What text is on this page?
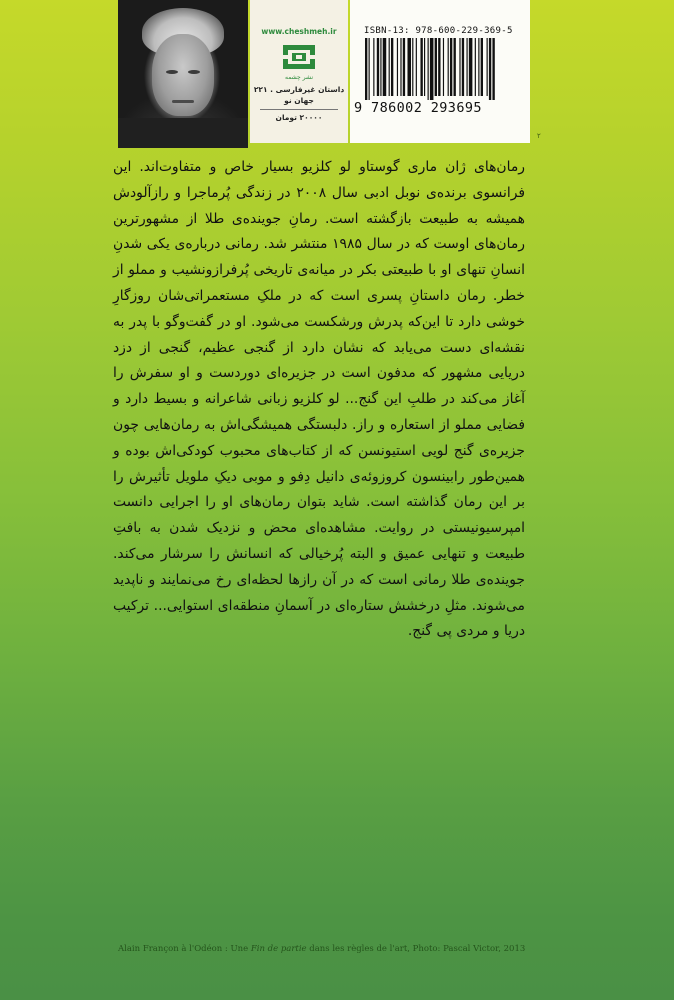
www.cheshmeh.ir
نشر چشمه
داستان غیرفارسی . ۲۲۱
جهان نو
۲۰۰۰۰ تومان
ISBN-13: 978-600-229-369-5
9 786002 293695
۲

رمان‌های ژان ماری گوستاو لو کلزیو بسیار خاص و متفاوت‌اند. این فرانسوی برنده‌ی نوبل ادبی سال ۲۰۰۸ در زندگی پُرماجرا و رازآلودش همیشه به طبیعت بازگشته است. رمانِ جوینده‌ی طلا از مشهورترین رمان‌های اوست که در سال ۱۹۸۵ منتشر شد. رمانی درباره‌ی یکی شدنِ انسانِ تنهای او با طبیعتی بکر در میانه‌ی تاریخی پُرفرازونشیب و مملو از خطر. رمان داستانِ پسری است که در ملکِ مستعمراتی‌شان روزگارِ خوشی دارد تا این‌که پدرش ورشکست می‌شود. او در گفت‌وگو با پدر به نقشه‌ای دست می‌یابد که نشان دارد از گنجی عظیم، گنجی از دزد دریایی مشهور که مدفون است در جزیره‌ای دوردست و او سفرش را آغاز می‌کند در طلبِ این گنج... لو کلزیو زبانی شاعرانه و بسیط دارد و فضایی مملو از استعاره و راز. دلبستگی همیشگی‌اش به رمان‌هایی چون جزیره‌ی گنج لویی استیونسن که از کتاب‌های محبوب کودکی‌اش بوده و همین‌طور رابینسون کروزوئه‌ی دانیل دِفو و موبی دیکِ ملویل تأثیرش را بر این رمان گذاشته است. شاید بتوان رمان‌های او را اجرایی دانست امپرسیونیستی در روایت. مشاهده‌ای محض و نزدیک شدن به بافتِ طبیعت و تنهایی عمیق و البته پُرخیالی که انسانش را سرشار می‌کند. جوینده‌ی طلا رمانی است که در آن رازها لحظه‌ای رخ می‌نمایند و ناپدید می‌شوند. مثلِ درخشش ستاره‌ای در آسمانِ منطقه‌ای استوایی... ترکیب دریا و مردی پی گنج.

Alain Françon à l'Odéon : Une Fin de partie dans les règles de l'art, Photo: Pascal Victor, 2013
